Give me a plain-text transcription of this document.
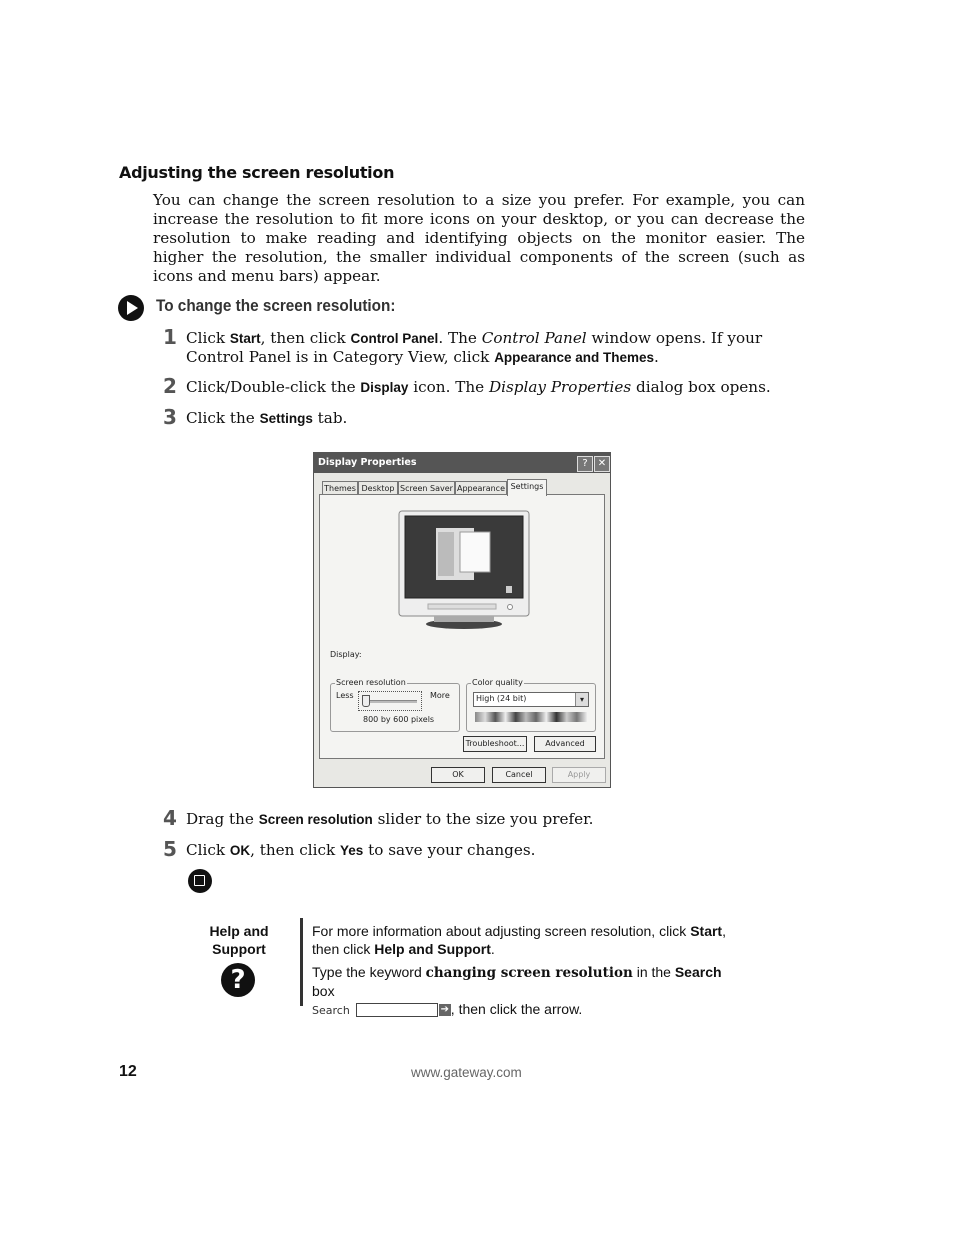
Adjusting the screen resolution
You can change the screen resolution to a size you prefer. For example, you can increase the resolution to fit more icons on your desktop, or you can decrease the resolution to make reading and identifying objects on the monitor easier. The higher the resolution, the smaller individual components of the screen (such as icons and menu bars) appear.
To change the screen resolution:
1 Click Start, then click Control Panel. The Control Panel window opens. If your Control Panel is in Category View, click Appearance and Themes.
2 Click/Double-click the Display icon. The Display Properties dialog box opens.
3 Click the Settings tab.
Display Properties	?	✕
Themes Desktop Screen Saver Appearance Settings
Display:
Screen resolution
Less	More
800 by 600 pixels
Color quality
High (24 bit)	▾
Troubleshoot...	Advanced
OK	Cancel	Apply
4 Drag the Screen resolution slider to the size you prefer.
5 Click OK, then click Yes to save your changes.
Help and Support
?
For more information about adjusting screen resolution, click Start, then click Help and Support.
Type the keyword changing screen resolution in the Search box
Search	➔ , then click the arrow.
12	www.gateway.com
